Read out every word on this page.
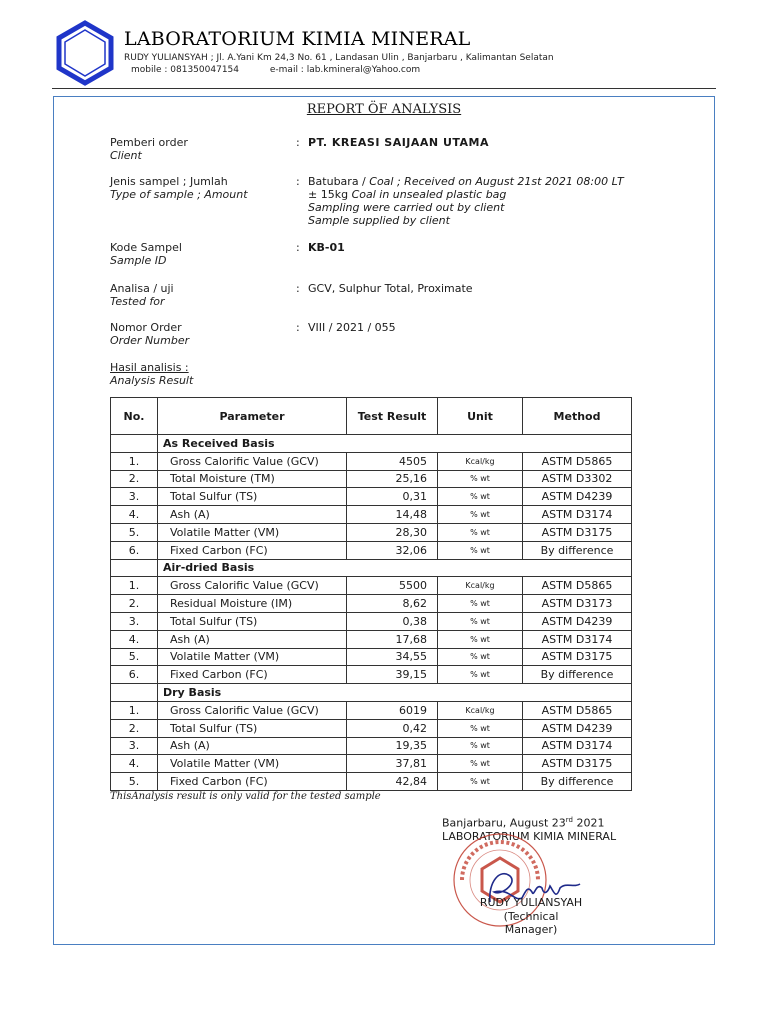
LABORATORIUM KIMIA MINERAL
RUDY YULIANSYAH ; Jl. A.Yani Km 24,3 No. 61 , Landasan Ulin , Banjarbaru , Kalimantan Selatan
mobile : 081350047154	e-mail : lab.kmineral@Yahoo.com
REPORT ÖF ANALYSIS
Pemberi order
Client
: PT. KREASI SAIJAAN UTAMA
Jenis sampel ; Jumlah
Type of sample ; Amount
: Batubara / Coal ; Received on August 21st 2021 08:00 LT
± 15kg Coal in unsealed plastic bag
Sampling were carried out by client
Sample supplied by client
Kode Sampel
Sample ID
: KB-01
Analisa / uji
Tested for
: GCV, Sulphur Total, Proximate
Nomor Order
Order Number
: VIII / 2021 / 055
Hasil analisis :
Analysis Result
No.	Parameter	Test Result	Unit	Method
	As Received Basis			
1.	Gross Calorific Value (GCV)	4505	Kcal/kg	ASTM D5865
2.	Total Moisture (TM)	25,16	% wt	ASTM D3302
3.	Total Sulfur (TS)	0,31	% wt	ASTM D4239
4.	Ash (A)	14,48	% wt	ASTM D3174
5.	Volatile Matter (VM)	28,30	% wt	ASTM D3175
6.	Fixed Carbon (FC)	32,06	% wt	By difference
	Air-dried Basis			
1.	Gross Calorific Value (GCV)	5500	Kcal/kg	ASTM D5865
2.	Residual Moisture (IM)	8,62	% wt	ASTM D3173
3.	Total Sulfur (TS)	0,38	% wt	ASTM D4239
4.	Ash (A)	17,68	% wt	ASTM D3174
5.	Volatile Matter (VM)	34,55	% wt	ASTM D3175
6.	Fixed Carbon (FC)	39,15	% wt	By difference
	Dry Basis			
1.	Gross Calorific Value (GCV)	6019	Kcal/kg	ASTM D5865
2.	Total Sulfur (TS)	0,42	% wt	ASTM D4239
3.	Ash (A)	19,35	% wt	ASTM D3174
4.	Volatile Matter (VM)	37,81	% wt	ASTM D3175
5.	Fixed Carbon (FC)	42,84	% wt	By difference
ThisAnalysis result is only valid for the tested sample
Banjarbaru, August 23rd 2021
LABORATORIUM KIMIA MINERAL
RUDY YULIANSYAH
(Technical Manager)
